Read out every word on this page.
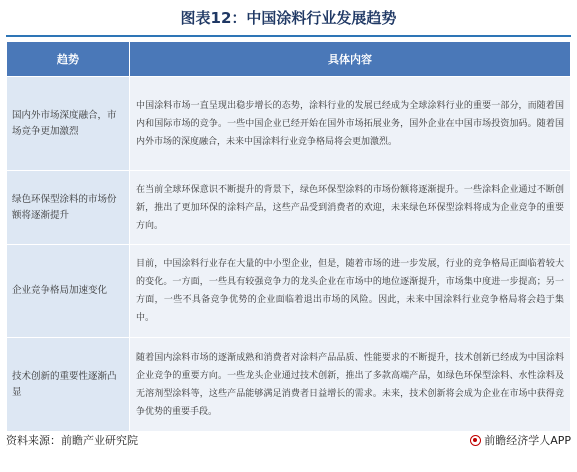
图表12：中国涂料行业发展趋势
趋势	具体内容
国内外市场深度融合，市场竞争更加激烈	中国涂料市场一直呈现出稳步增长的态势，涂料行业的发展已经成为全球涂料行业的重要一部分，而随着国内和国际市场的竞争。一些中国企业已经开始在国外市场拓展业务，国外企业在中国市场投资加码。随着国内外市场的深度融合，未来中国涂料行业竞争格局将会更加激烈。
绿色环保型涂料的市场份额将逐渐提升	在当前全球环保意识不断提升的背景下，绿色环保型涂料的市场份额将逐渐提升。一些涂料企业通过不断创新，推出了更加环保的涂料产品，这些产品受到消费者的欢迎，未来绿色环保型涂料将成为企业竞争的重要方向。
企业竞争格局加速变化	目前，中国涂料行业存在大量的中小型企业，但是，随着市场的进一步发展，行业的竞争格局正面临着较大的变化。一方面，一些具有较强竞争力的龙头企业在市场中的地位逐渐提升，市场集中度进一步提高；另一方面，一些不具备竞争优势的企业面临着退出市场的风险。因此，未来中国涂料行业竞争格局将会趋于集中。
技术创新的重要性逐渐凸显	随着国内涂料市场的逐渐成熟和消费者对涂料产品品质、性能要求的不断提升，技术创新已经成为中国涂料企业竞争的重要方向。一些龙头企业通过技术创新，推出了多款高端产品，如绿色环保型涂料、水性涂料及无溶剂型涂料等，这些产品能够满足消费者日益增长的需求。未来，技术创新将会成为企业在市场中获得竞争优势的重要手段。
资料来源：前瞻产业研究院	前瞻经济学人APP
